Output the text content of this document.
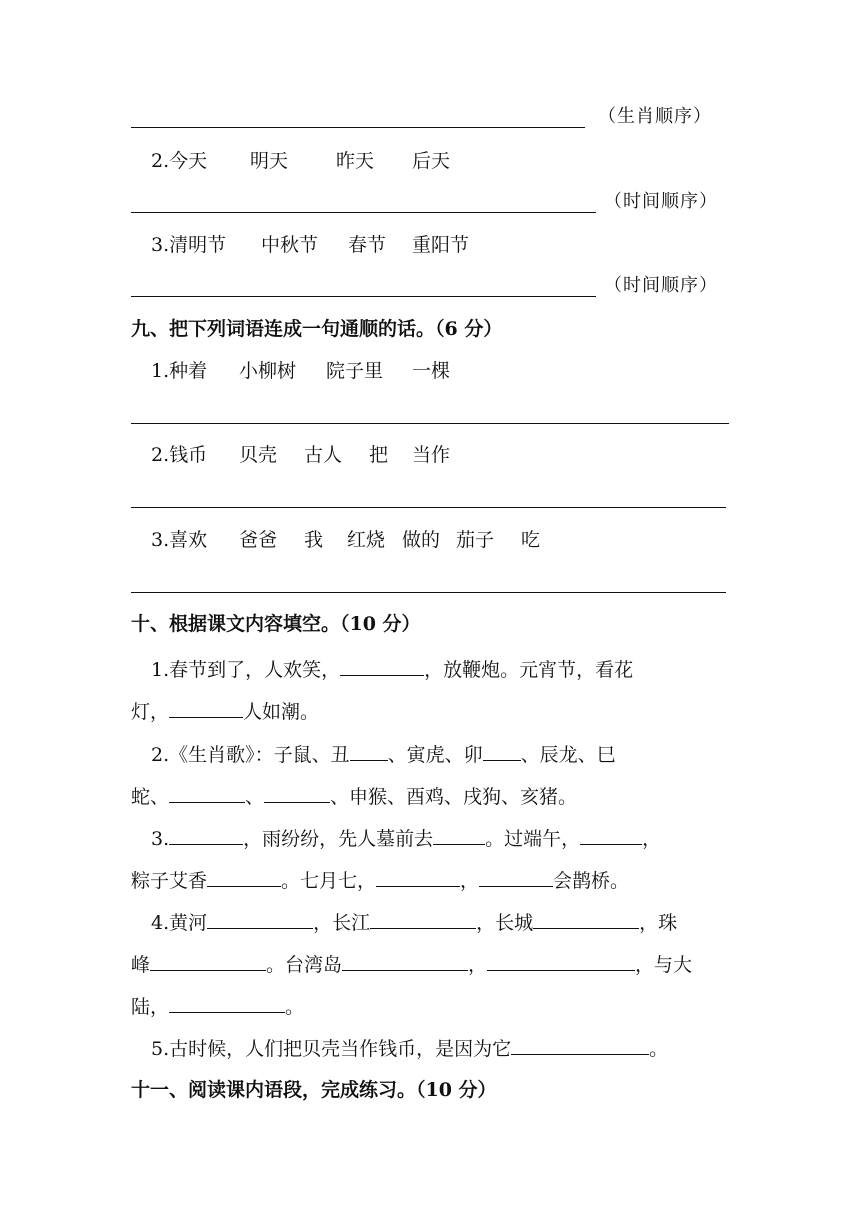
（生肖顺序）
2.今天 明天	昨天 后天
（时间顺序）
3.清明节 中秋节 春节 重阳节
（时间顺序）
九、把下列词语连成一句通顺的话。（6 分）
1.种着 小柳树 院子里 一棵
2.钱币 贝壳 古人 把 当作
3.喜欢 爸爸 我 红烧 做的 茄子 吃
十、根据课文内容填空。（10 分）
1.春节到了，人欢笑，	，放鞭炮。元宵节，看花
灯，	人如潮。
2.《生肖歌》：子鼠、丑 、寅虎、卯 、辰龙、巳
蛇、	、	、申猴、酉鸡、戌狗、亥猪。
3.	，雨纷纷，先人墓前去	。过端午，	，
粽子艾香	。七月七，	，	会鹊桥。
4.黄河	，长江	，长城	，珠
峰	。台湾岛	，	，与大
陆，	。
5.古时候，人们把贝壳当作钱币，是因为它	。
十一、阅读课内语段，完成练习。（10 分）
